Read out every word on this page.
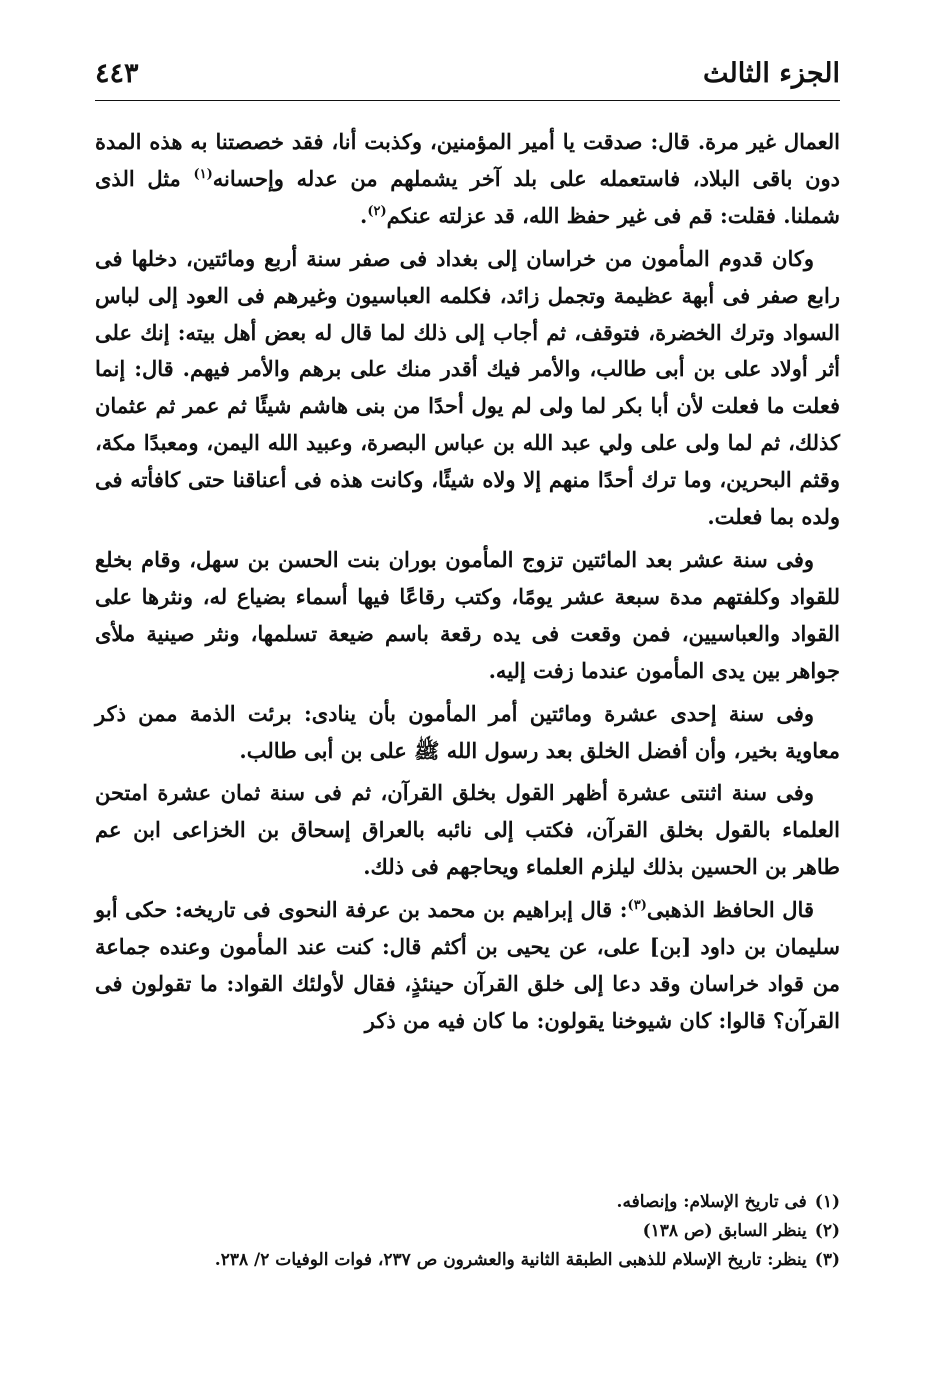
الجزء الثالث
٤٤٣

العمال غير مرة. قال: صدقت يا أمير المؤمنين، وكذبت أنا، فقد خصصتنا به هذه المدة دون باقى البلاد، فاستعمله على بلد آخر يشملهم من عدله وإحسانه$^{(١)}$ مثل الذى شملنا. فقلت: قم فى غير حفظ الله، قد عزلته عنكم$^{(٢)}$.

وكان قدوم المأمون من خراسان إلى بغداد فى صفر سنة أربع ومائتين، دخلها فى رابع صفر فى أبهة عظيمة وتجمل زائد، فكلمه العباسيون وغيرهم فى العود إلى لباس السواد وترك الخضرة، فتوقف، ثم أجاب إلى ذلك لما قال له بعض أهل بيته: إنك على أثر أولاد على بن أبى طالب، والأمر فيك أقدر منك على برهم والأمر فيهم. قال: إنما فعلت ما فعلت لأن أبا بكر لما ولى لم يول أحدًا من بنى هاشم شيئًا ثم عمر ثم عثمان كذلك، ثم لما ولى على ولي عبد الله بن عباس البصرة، وعبيد الله اليمن، ومعبدًا مكة، وقثم البحرين، وما ترك أحدًا منهم إلا ولاه شيئًا، وكانت هذه فى أعناقنا حتى كافأته فى ولده بما فعلت.

وفى سنة عشر بعد المائتين تزوج المأمون بوران بنت الحسن بن سهل، وقام بخلع للقواد وكلفتهم مدة سبعة عشر يومًا، وكتب رقاعًا فيها أسماء بضياع له، ونثرها على القواد والعباسيين، فمن وقعت فى يده رقعة باسم ضيعة تسلمها، ونثر صينية ملأى جواهر بين يدى المأمون عندما زفت إليه.

وفى سنة إحدى عشرة ومائتين أمر المأمون بأن ينادى: برئت الذمة ممن ذكر معاوية بخير، وأن أفضل الخلق بعد رسول الله ﷺ على بن أبى طالب.

وفى سنة اثنتى عشرة أظهر القول بخلق القرآن، ثم فى سنة ثمان عشرة امتحن العلماء بالقول بخلق القرآن، فكتب إلى نائبه بالعراق إسحاق بن الخزاعى ابن عم طاهر بن الحسين بذلك ليلزم العلماء ويحاجهم فى ذلك.

قال الحافظ الذهبى$^{(٣)}$: قال إبراهيم بن محمد بن عرفة النحوى فى تاريخه: حكى أبو سليمان بن داود [بن] على، عن يحيى بن أكثم قال: كنت عند المأمون وعنده جماعة من قواد خراسان وقد دعا إلى خلق القرآن حينئذٍ، فقال لأولئك القواد: ما تقولون فى القرآن؟ قالوا: كان شيوخنا يقولون: ما كان فيه من ذكر

(١)فى تاريخ الإسلام: وإنصافه.
(٢)ينظر السابق (ص ١٣٨)
(٣)ينظر: تاريخ الإسلام للذهبى الطبقة الثانية والعشرون ص ٢٣٧، فوات الوفيات ٢/ ٢٣٨.
